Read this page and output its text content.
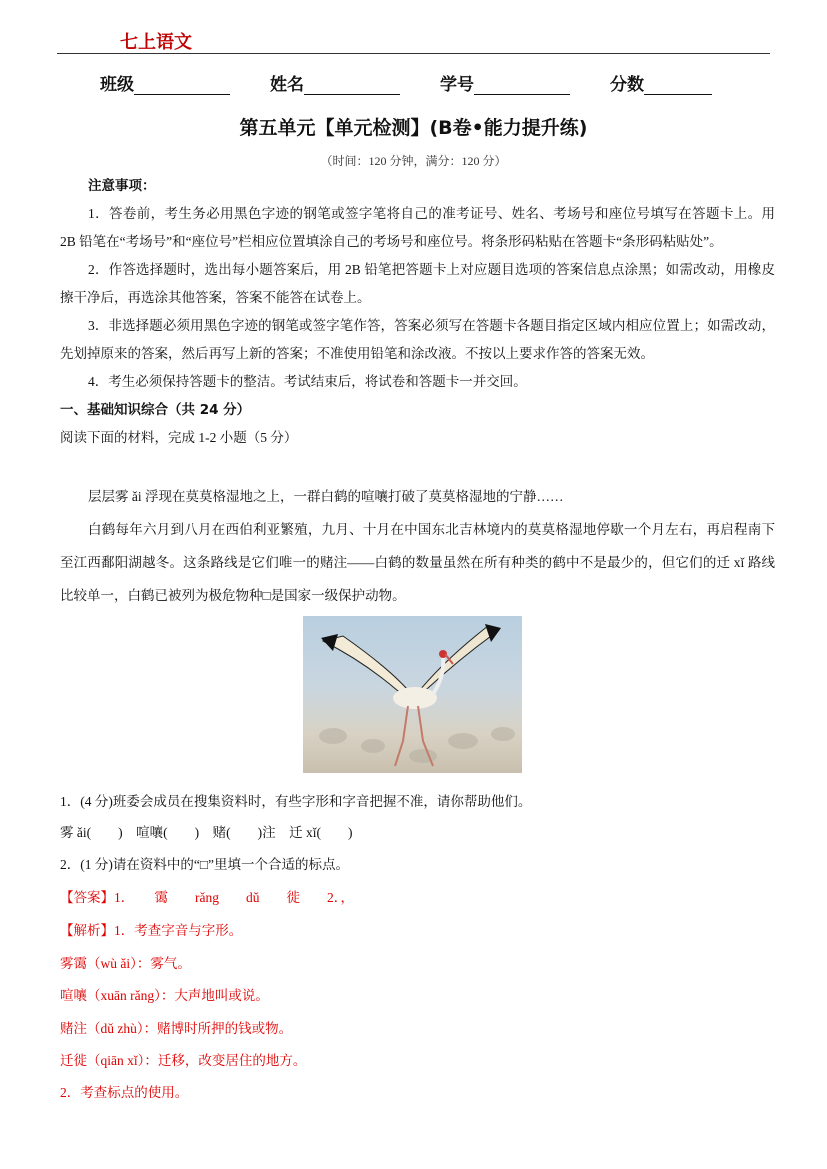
七上语文
班级	姓名	学号	分数
第五单元【单元检测】(B卷•能力提升练)
（时间：120 分钟，满分：120 分）
注意事项：
1．答卷前，考生务必用黑色字迹的钢笔或签字笔将自己的准考证号、姓名、考场号和座位号填写在答题卡上。用 2B 铅笔在“考场号”和“座位号”栏相应位置填涂自己的考场号和座位号。将条形码粘贴在答题卡“条形码粘贴处”。
2．作答选择题时，选出每小题答案后，用 2B 铅笔把答题卡上对应题目选项的答案信息点涂黑；如需改动，用橡皮擦干净后，再选涂其他答案，答案不能答在试卷上。
3．非选择题必须用黑色字迹的钢笔或签字笔作答，答案必须写在答题卡各题目指定区域内相应位置上；如需改动，先划掉原来的答案，然后再写上新的答案；不准使用铅笔和涂改液。不按以上要求作答的答案无效。
4．考生必须保持答题卡的整洁。考试结束后，将试卷和答题卡一并交回。
一、基础知识综合（共 24 分）
阅读下面的材料，完成 1-2 小题（5 分）
层层雾 ǎi 浮现在莫莫格湿地之上，一群白鹤的喧嚷打破了莫莫格湿地的宁静……
白鹤每年六月到八月在西伯利亚繁殖，九月、十月在中国东北吉林境内的莫莫格湿地停歇一个月左右，再启程南下至江西鄱阳湖越冬。这条路线是它们唯一的赌注——白鹤的数量虽然在所有种类的鹤中不是最少的，但它们的迁 xǐ 路线比较单一，白鹤已被列为极危物种□是国家一级保护动物。
1．(4 分)班委会成员在搜集资料时，有些字形和字音把握不准，请你帮助他们。
雾 ǎi(　　)　喧嚷(　　)　赌(　　)注　迁 xǐ(　　)
2．(1 分)请在资料中的“□”里填一个合适的标点。
【答案】1．　　霭　　rǎng　　dǔ　　徙　　2．，
【解析】1．考查字音与字形。
雾霭（wù ǎi）：雾气。
喧嚷（xuān rǎng）：大声地叫或说。
赌注（dǔ zhù）：赌博时所押的钱或物。
迁徙（qiān xǐ）：迁移，改变居住的地方。
2．考查标点的使用。
